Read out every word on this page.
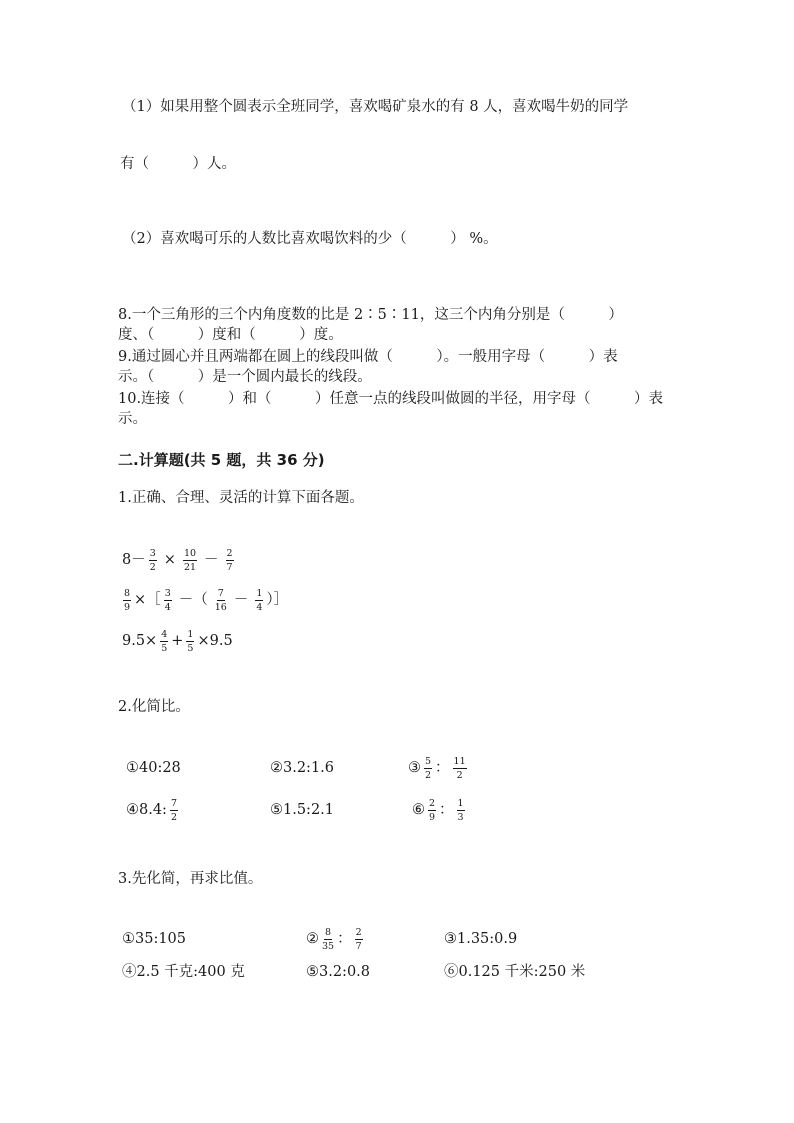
（1）如果用整个圆表示全班同学，喜欢喝矿泉水的有 8 人，喜欢喝牛奶的同学
有（　　　）人。
（2）喜欢喝可乐的人数比喜欢喝饮料的少（　　　） %。
8.一个三角形的三个内角度数的比是 2∶5∶11，这三个内角分别是（　　　）
度、（　　　）度和（　　　）度。
9.通过圆心并且两端都在圆上的线段叫做（　　　）。一般用字母（　　　）表
示。（　　　）是一个圆内最长的线段。
10.连接（　　　）和（　　　）任意一点的线段叫做圆的半径，用字母（　　　）表
示。
二.计算题(共 5 题，共 36 分)
1.正确、合理、灵活的计算下面各题。
$8- \frac{3}{2} \times \frac{10}{21} - \frac{2}{7}$
$\frac{8}{9}$ ×［ $\frac{3}{4}$ －（ $\frac{7}{16} - \frac{1}{4}$ ）］
$9.5\times \frac{4}{5} + \frac{1}{5} \times 9.5$
2.化简比。
①40:28	②3.2:1.6	③ $\frac{5}{2}$ ： $\frac{11}{2}$
④8.4: $\frac{7}{2}$	⑤1.5:2.1	⑥ $\frac{2}{9}$ ： $\frac{1}{3}$
3.先化简，再求比值。
①35:105	② $\frac{8}{35}$ ： $\frac{2}{7}$	③1.35:0.9
④2.5 千克:400 克	⑤3.2:0.8	⑥0.125 千米:250 米
